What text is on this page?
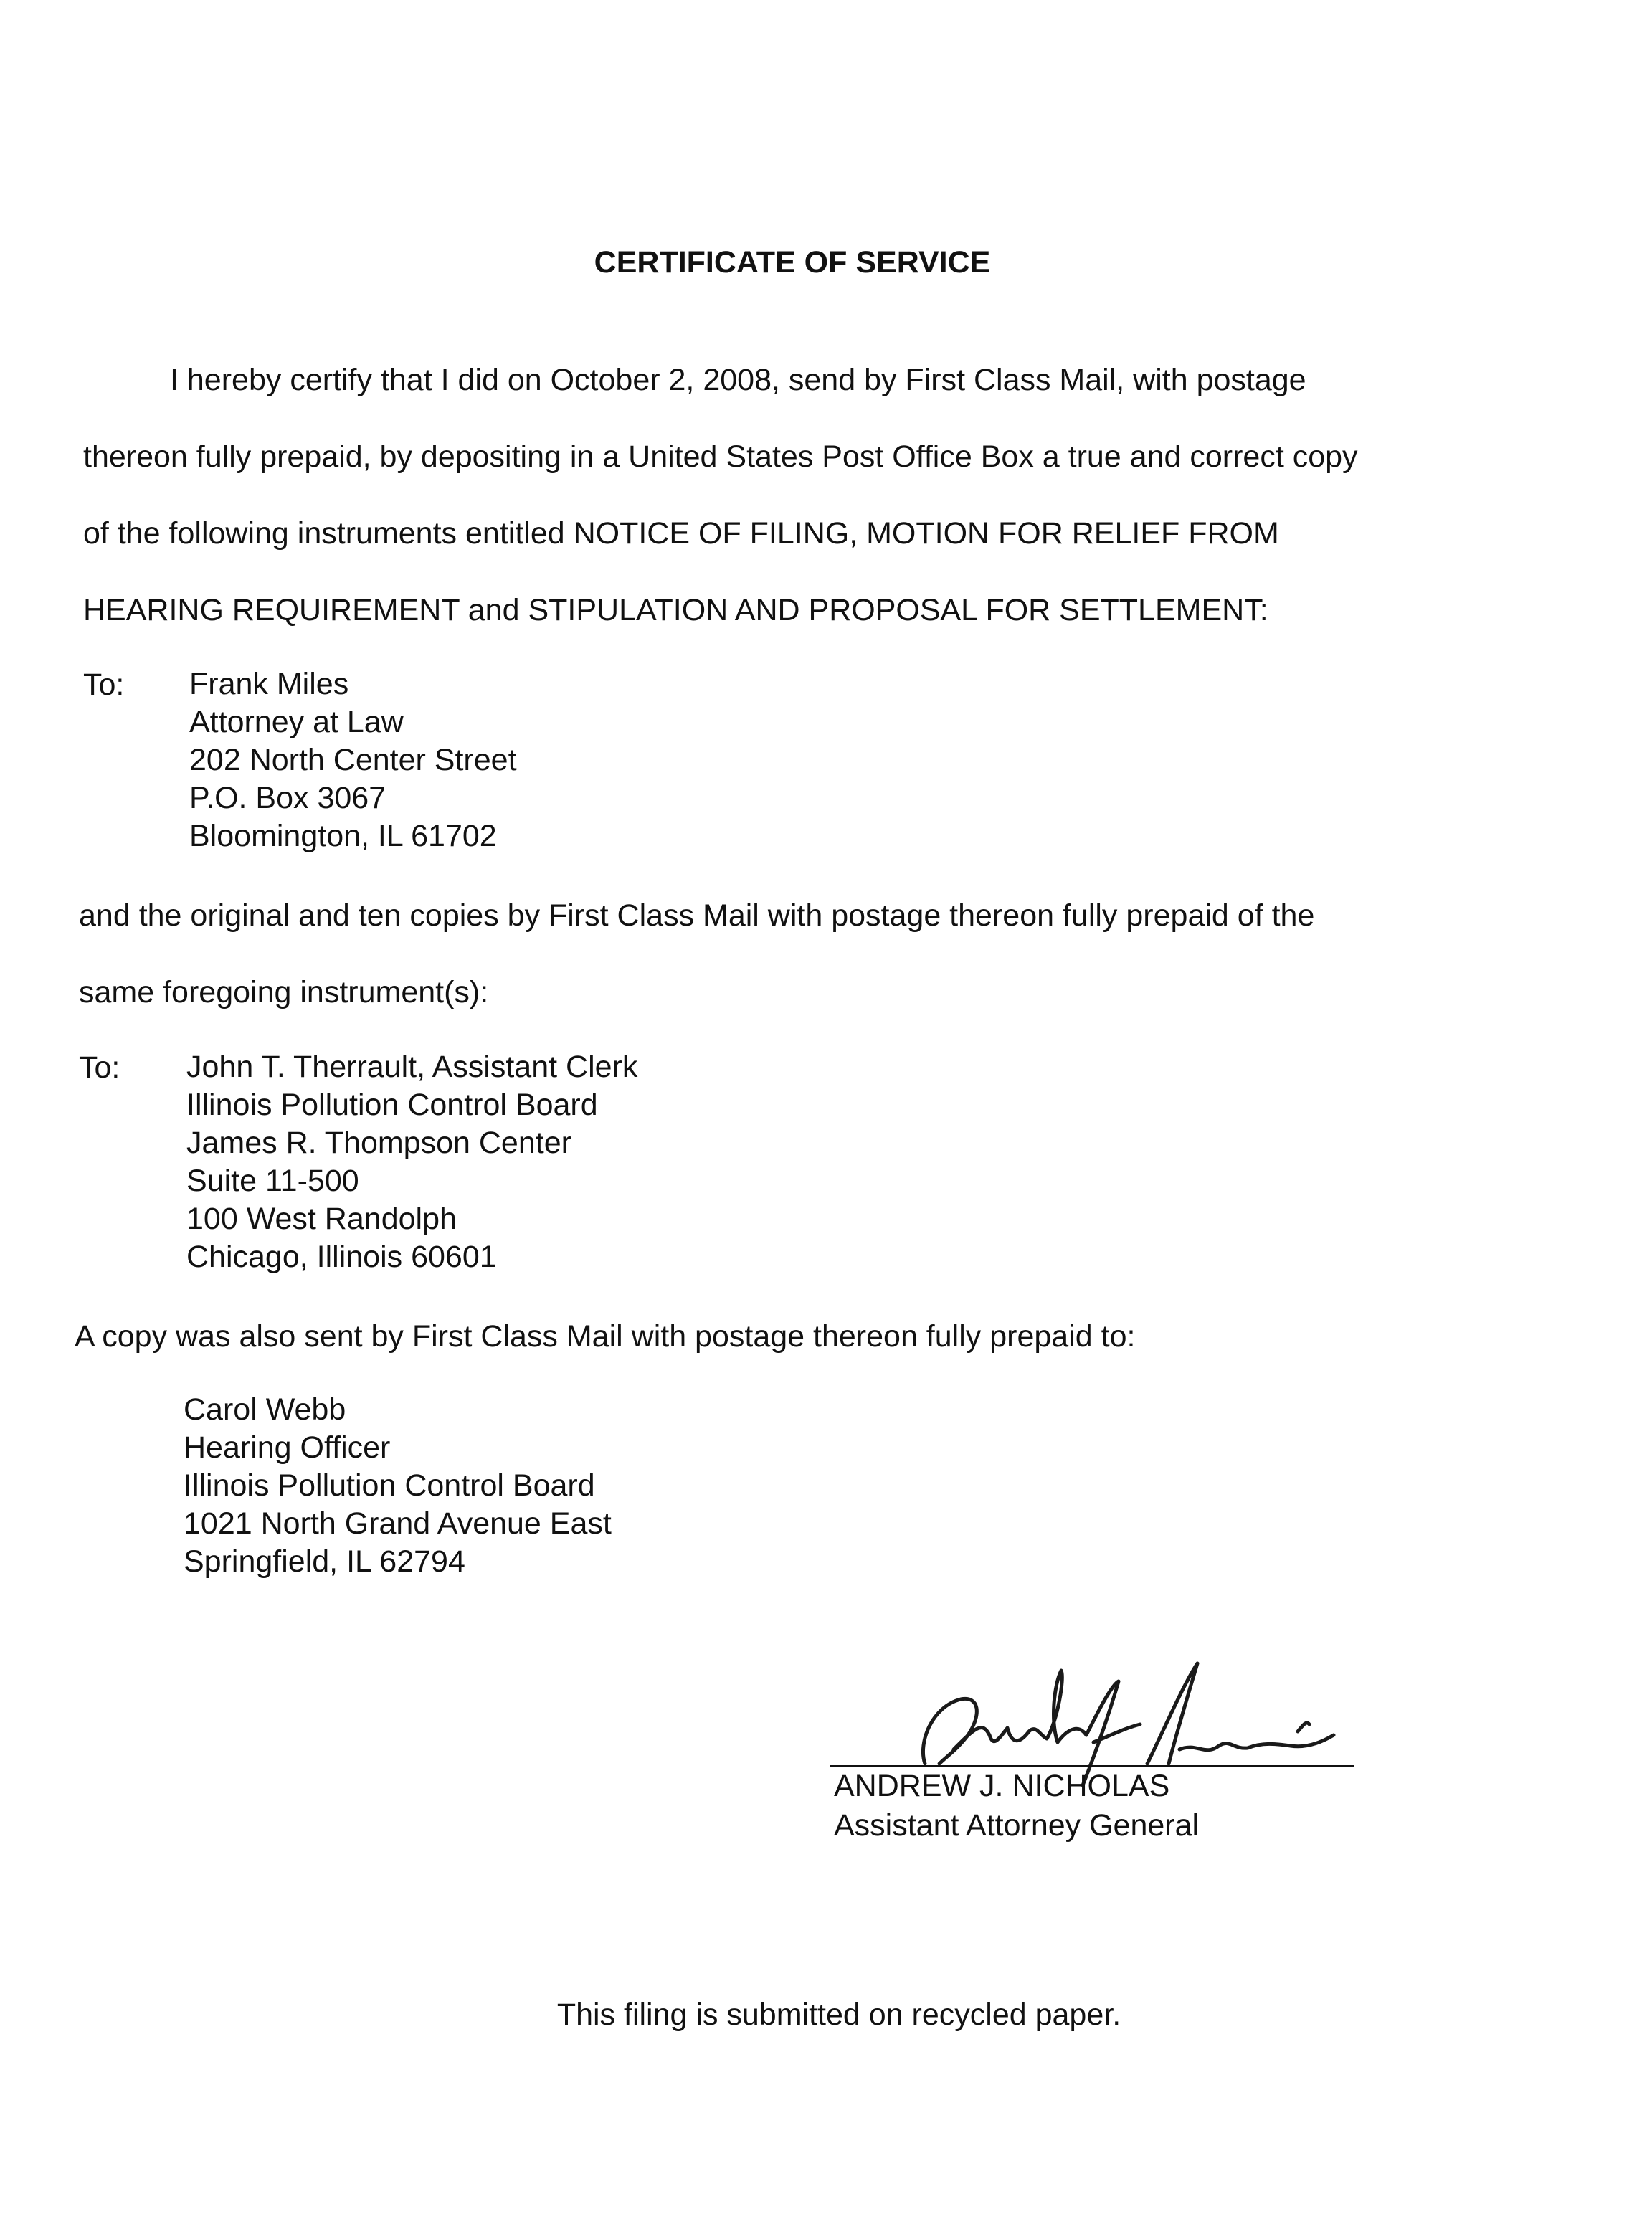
CERTIFICATE OF SERVICE
I hereby certify that I did on October 2, 2008, send by First Class Mail, with postage
thereon fully prepaid, by depositing in a United States Post Office Box a true and correct copy
of the following instruments entitled NOTICE OF FILING, MOTION FOR RELIEF FROM
HEARING REQUIREMENT and STIPULATION AND PROPOSAL FOR SETTLEMENT:
To: Frank Miles
Attorney at Law
202 North Center Street
P.O. Box 3067
Bloomington, IL 61702
and the original and ten copies by First Class Mail with postage thereon fully prepaid of the
same foregoing instrument(s):
To: John T. Therrault, Assistant Clerk
Illinois Pollution Control Board
James R. Thompson Center
Suite 11-500
100 West Randolph
Chicago, Illinois 60601
A copy was also sent by First Class Mail with postage thereon fully prepaid to:
Carol Webb
Hearing Officer
Illinois Pollution Control Board
1021 North Grand Avenue East
Springfield, IL 62794
ANDREW J. NICHOLAS
Assistant Attorney General
This filing is submitted on recycled paper.
